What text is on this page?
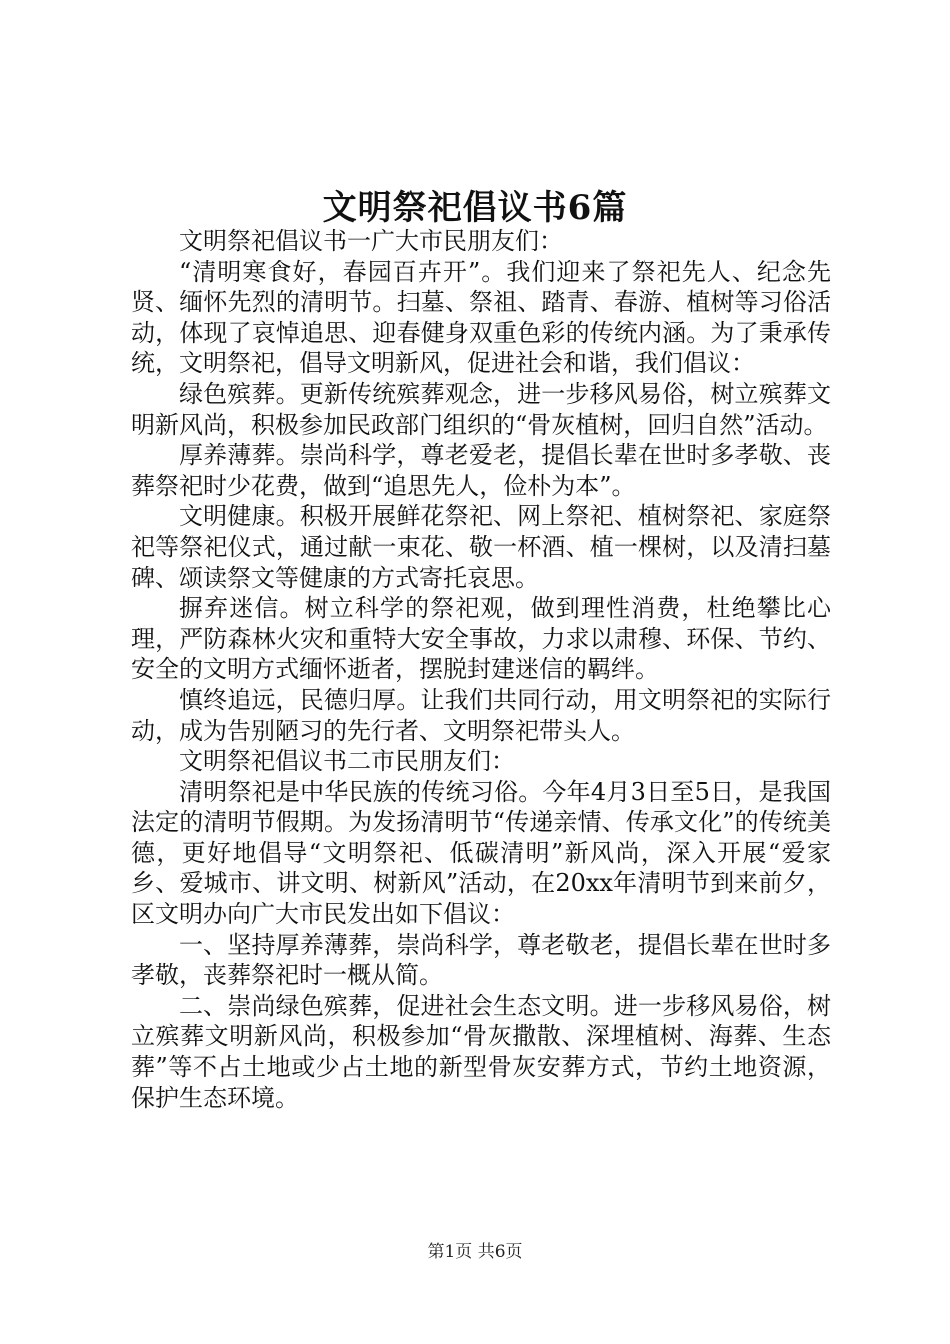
文明祭祀倡议书6篇

文明祭祀倡议书一广大市民朋友们：

“清明寒食好，春园百卉开”。我们迎来了祭祀先人、纪念先贤、缅怀先烈的清明节。扫墓、祭祖、踏青、春游、植树等习俗活动，体现了哀悼追思、迎春健身双重色彩的传统内涵。为了秉承传统，文明祭祀，倡导文明新风，促进社会和谐，我们倡议：

绿色殡葬。更新传统殡葬观念，进一步移风易俗，树立殡葬文明新风尚，积极参加民政部门组织的“骨灰植树，回归自然”活动。

厚养薄葬。崇尚科学，尊老爱老，提倡长辈在世时多孝敬、丧葬祭祀时少花费，做到“追思先人，俭朴为本”。

文明健康。积极开展鲜花祭祀、网上祭祀、植树祭祀、家庭祭祀等祭祀仪式，通过献一束花、敬一杯酒、植一棵树，以及清扫墓碑、颂读祭文等健康的方式寄托哀思。

摒弃迷信。树立科学的祭祀观，做到理性消费，杜绝攀比心理，严防森林火灾和重特大安全事故，力求以肃穆、环保、节约、安全的文明方式缅怀逝者，摆脱封建迷信的羁绊。

慎终追远，民德归厚。让我们共同行动，用文明祭祀的实际行动，成为告别陋习的先行者、文明祭祀带头人。

文明祭祀倡议书二市民朋友们：

清明祭祀是中华民族的传统习俗。今年4月3日至5日，是我国法定的清明节假期。为发扬清明节“传递亲情、传承文化”的传统美德，更好地倡导“文明祭祀、低碳清明”新风尚，深入开展“爱家乡、爱城市、讲文明、树新风”活动，在20xx年清明节到来前夕，区文明办向广大市民发出如下倡议：

一、坚持厚养薄葬，崇尚科学，尊老敬老，提倡长辈在世时多孝敬，丧葬祭祀时一概从简。

二、崇尚绿色殡葬，促进社会生态文明。进一步移风易俗，树立殡葬文明新风尚，积极参加“骨灰撒散、深埋植树、海葬、生态葬”等不占土地或少占土地的新型骨灰安葬方式，节约土地资源，保护生态环境。

第1页 共6页
